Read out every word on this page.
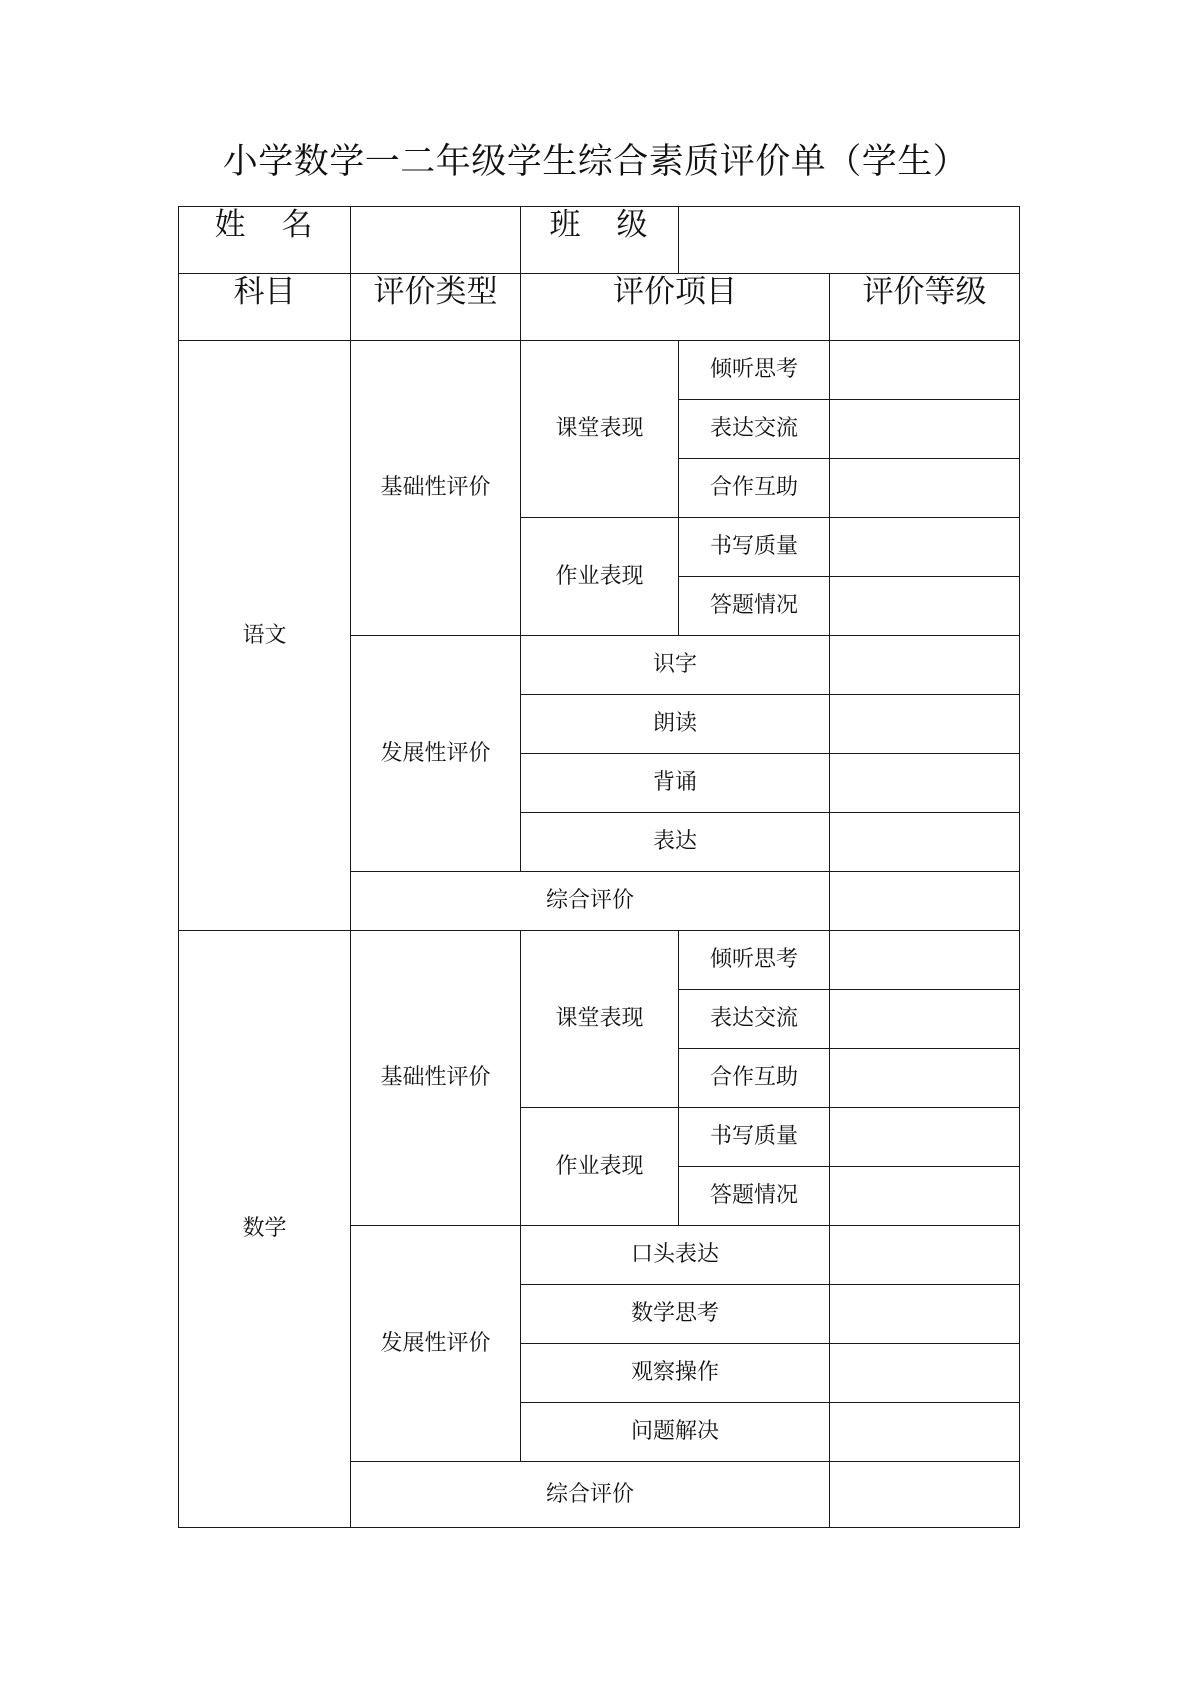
小学数学一二年级学生综合素质评价单（学生）
姓 名		班 级		
科目	评价类型	评价项目		评价等级
语文	基础性评价	课堂表现	倾听思考	
			表达交流	
			合作互助	
		作业表现	书写质量	
			答题情况	
	发展性评价	识字		
		朗读		
		背诵		
		表达		
	综合评价			
数学	基础性评价	课堂表现	倾听思考	
			表达交流	
			合作互助	
		作业表现	书写质量	
			答题情况	
	发展性评价	口头表达		
		数学思考		
		观察操作		
		问题解决		
	综合评价			
